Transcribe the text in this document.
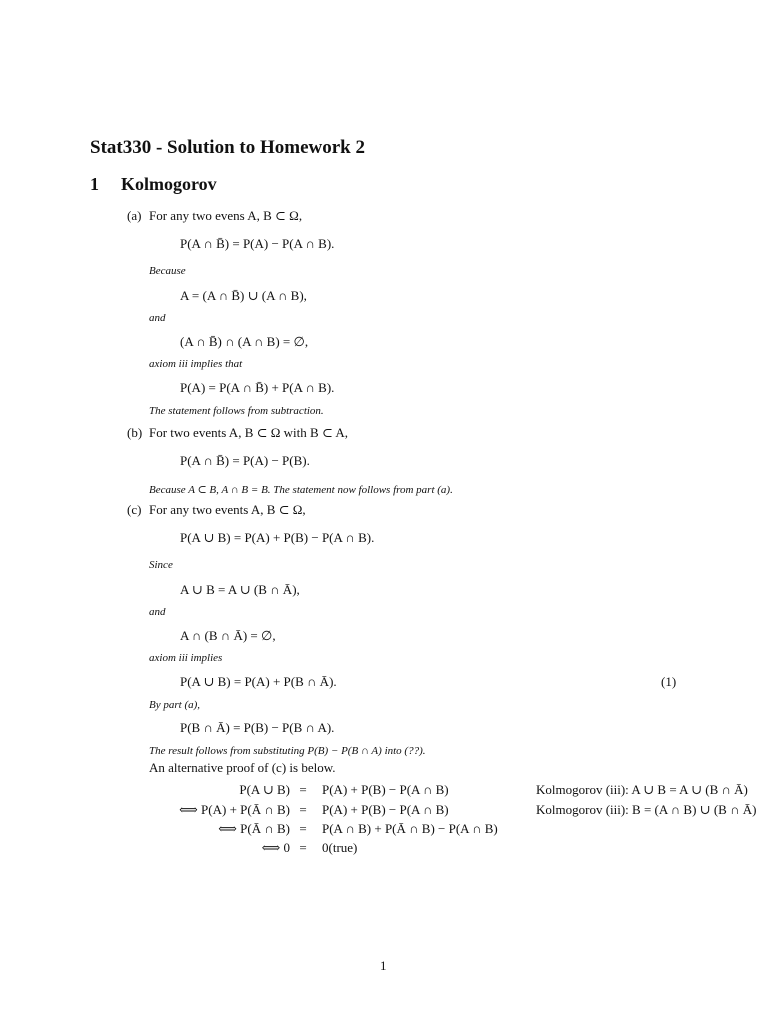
Stat330 - Solution to Homework 2
1 Kolmogorov
(a) For any two evens A, B ⊂ Ω,
P(A ∩ B̄) = P(A) − P(A ∩ B).
Because
A = (A ∩ B̄) ∪ (A ∩ B),
and
(A ∩ B̄) ∩ (A ∩ B) = ∅,
axiom iii implies that
P(A) = P(A ∩ B̄) + P(A ∩ B).
The statement follows from subtraction.
(b) For two events A, B ⊂ Ω with B ⊂ A,
P(A ∩ B̄) = P(A) − P(B).
Because A ⊂ B, A ∩ B = B. The statement now follows from part (a).
(c) For any two events A, B ⊂ Ω,
P(A ∪ B) = P(A) + P(B) − P(A ∩ B).
Since
A ∪ B = A ∪ (B ∩ Ā),
and
A ∩ (B ∩ Ā) = ∅,
axiom iii implies
P(A ∪ B) = P(A) + P(B ∩ Ā).	(1)
By part (a),
P(B ∩ Ā) = P(B) − P(B ∩ A).
The result follows from substituting P(B) − P(B ∩ A) into (??).
An alternative proof of (c) is below.
P(A ∪ B) = P(A) + P(B) − P(A ∩ B)	Kolmogorov (iii): A ∪ B = A ∪ (B ∩ Ā)
⟺ P(A) + P(Ā ∩ B) = P(A) + P(B) − P(A ∩ B)	Kolmogorov (iii): B = (A ∩ B) ∪ (B ∩ Ā)
⟺ P(Ā ∩ B) = P(A ∩ B) + P(Ā ∩ B) − P(A ∩ B)
⟺ 0 = 0(true)
1
